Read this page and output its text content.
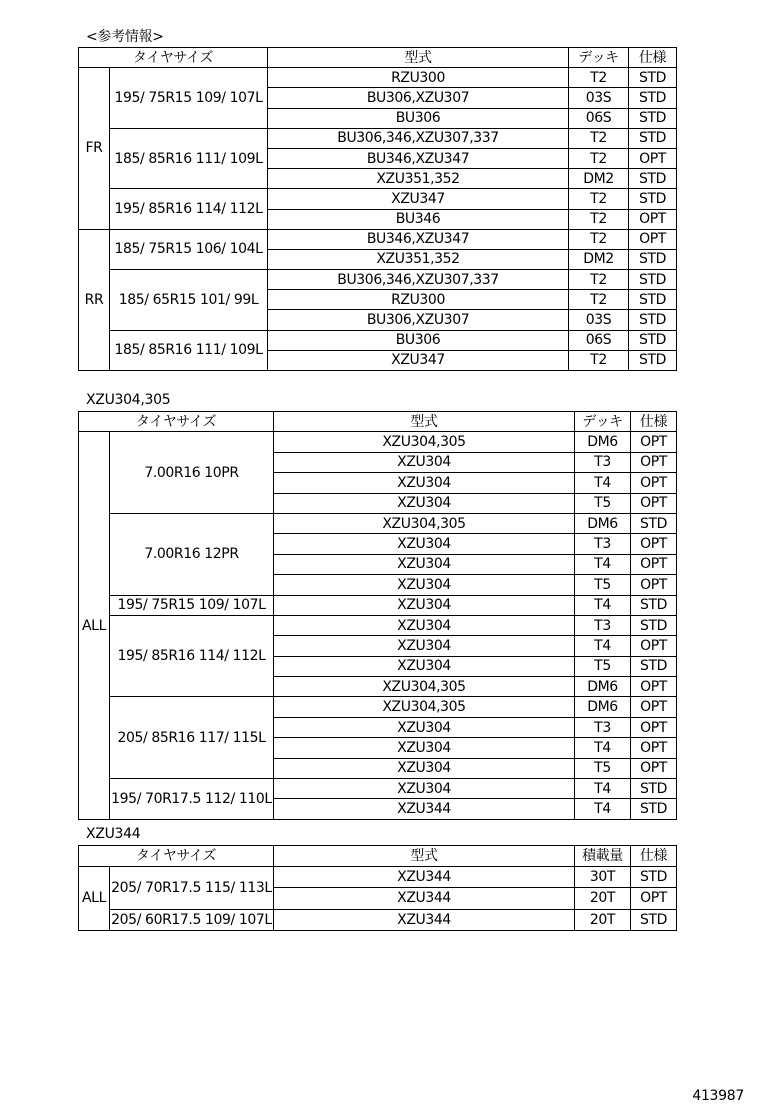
<参考情報>
タイヤサイズ		型式	デッキ	仕様
FR	195/ 75R15 109/ 107L	RZU300	T2	STD
		BU306,XZU307	03S	STD
		BU306	06S	STD
	185/ 85R16 111/ 109L	BU306,346,XZU307,337	T2	STD
		BU346,XZU347	T2	OPT
		XZU351,352	DM2	STD
	195/ 85R16 114/ 112L	XZU347	T2	STD
		BU346	T2	OPT
RR	185/ 75R15 106/ 104L	BU346,XZU347	T2	OPT
		XZU351,352	DM2	STD
	185/ 65R15 101/ 99L	BU306,346,XZU307,337	T2	STD
		RZU300	T2	STD
		BU306,XZU307	03S	STD
	185/ 85R16 111/ 109L	BU306	06S	STD
		XZU347	T2	STD
XZU304,305
タイヤサイズ		型式	デッキ	仕様
ALL	7.00R16 10PR	XZU304,305	DM6	OPT
		XZU304	T3	OPT
		XZU304	T4	OPT
		XZU304	T5	OPT
	7.00R16 12PR	XZU304,305	DM6	STD
		XZU304	T3	OPT
		XZU304	T4	OPT
		XZU304	T5	OPT
	195/ 75R15 109/ 107L	XZU304	T4	STD
	195/ 85R16 114/ 112L	XZU304	T3	STD
		XZU304	T4	OPT
		XZU304	T5	STD
		XZU304,305	DM6	OPT
	205/ 85R16 117/ 115L	XZU304,305	DM6	OPT
		XZU304	T3	OPT
		XZU304	T4	OPT
		XZU304	T5	OPT
	195/ 70R17.5 112/ 110L	XZU304	T4	STD
		XZU344	T4	STD
XZU344
タイヤサイズ		型式	積載量	仕様
ALL	205/ 70R17.5 115/ 113L	XZU344	30T	STD
		XZU344	20T	OPT
	205/ 60R17.5 109/ 107L	XZU344	20T	STD
413987
